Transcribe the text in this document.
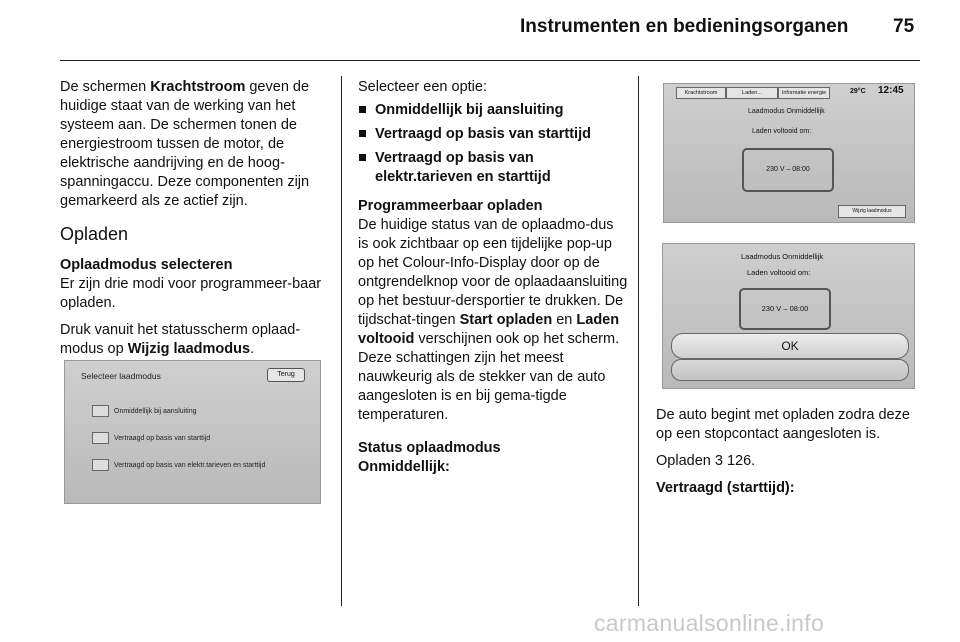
Instrumenten en bedieningsorganen 75

De schermen Krachtstroom geven de huidige staat van de werking van het systeem aan. De schermen tonen de energiestroom tussen de motor, de elektrische aandrijving en de hoog-spanningaccu. Deze componenten zijn gemarkeerd als ze actief zijn.

Opladen
Oplaadmodus selecteren

Er zijn drie modi voor programmeer-baar opladen.

Druk vanuit het statusscherm oplaad-modus op Wijzig laadmodus.

Selecteer laadmodus	Terug
Onmiddellijk bij aansluiting
Vertraagd op basis van starttijd
Vertraagd op basis van elektr.tarieven en starttijd

Selecteer een optie:

Onmiddellijk bij aansluiting
Vertraagd op basis van starttijd
Vertraagd op basis van elektr.tarieven en starttijd
Programmeerbaar opladen

De huidige status van de oplaadmo-dus is ook zichtbaar op een tijdelijke pop-up op het Colour-Info-Display door op de ontgrendelknop voor de oplaadaansluiting op het bestuur-dersportier te drukken. De tijdschat-tingen Start opladen en Laden voltooid verschijnen ook op het scherm. Deze schattingen zijn het meest nauwkeurig als de stekker van de auto aangesloten is en bij gema-tigde temperaturen.

Status oplaadmodus
Onmiddellijk:
Krachtstroom	Laden...	Informatie energie	29°C 12:45
Laadmodus Onmiddellijk
Laden voltooid om:
230 V – 08:00
Wijzig laadmodus
Laadmodus Onmiddellijk
Laden voltooid om:
230 V – 08:00
OK

De auto begint met opladen zodra deze op een stopcontact aangesloten is.

Opladen 3 126.

Vertraagd (starttijd):
carmanualsonline.info
